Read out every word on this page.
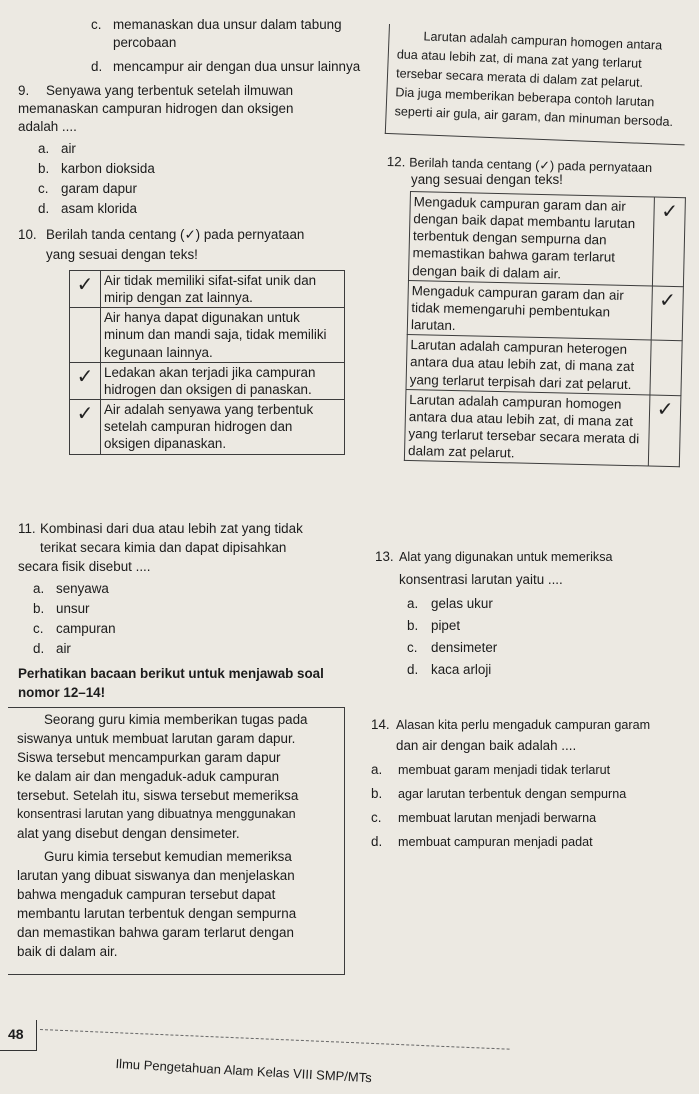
c. memanaskan dua unsur dalam tabung
percobaan
d. mencampur air dengan dua unsur lainnya
9. Senyawa yang terbentuk setelah ilmuwan
memanaskan campuran hidrogen dan oksigen
adalah ....
a. air
b. karbon dioksida
c. garam dapur
d. asam klorida
10. Berilah tanda centang (✓) pada pernyataan
yang sesuai dengan teks!
✓	Air tidak memiliki sifat-sifat unik dan mirip dengan zat lainnya.
	Air hanya dapat digunakan untuk minum dan mandi saja, tidak memiliki kegunaan lainnya.
✓	Ledakan akan terjadi jika campuran hidrogen dan oksigen di panaskan.
✓	Air adalah senyawa yang terbentuk setelah campuran hidrogen dan oksigen dipanaskan.
11. Kombinasi dari dua atau lebih zat yang tidak
terikat secara kimia dan dapat dipisahkan
secara fisik disebut ....
a. senyawa
b. unsur
c. campuran
d. air
Perhatikan bacaan berikut untuk menjawab soal
nomor 12–14!
Seorang guru kimia memberikan tugas pada
siswanya untuk membuat larutan garam dapur.
Siswa tersebut mencampurkan garam dapur
ke dalam air dan mengaduk-aduk campuran
tersebut. Setelah itu, siswa tersebut memeriksa
konsentrasi larutan yang dibuatnya menggunakan
alat yang disebut dengan densimeter.
Guru kimia tersebut kemudian memeriksa
larutan yang dibuat siswanya dan menjelaskan
bahwa mengaduk campuran tersebut dapat
membantu larutan terbentuk dengan sempurna
dan memastikan bahwa garam terlarut dengan
baik di dalam air.
Larutan adalah campuran homogen antara
dua atau lebih zat, di mana zat yang terlarut
tersebar secara merata di dalam zat pelarut.
Dia juga memberikan beberapa contoh larutan
seperti air gula, air garam, dan minuman bersoda.
12. Berilah tanda centang (✓) pada pernyataan
yang sesuai dengan teks!
Mengaduk campuran garam dan air dengan baik dapat membantu larutan terbentuk dengan sempurna dan memastikan bahwa garam terlarut dengan baik di dalam air.	✓
Mengaduk campuran garam dan air tidak memengaruhi pembentukan larutan.	✓
Larutan adalah campuran heterogen antara dua atau lebih zat, di mana zat yang terlarut terpisah dari zat pelarut.	
Larutan adalah campuran homogen antara dua atau lebih zat, di mana zat yang terlarut tersebar secara merata di dalam zat pelarut.	✓
13. Alat yang digunakan untuk memeriksa
konsentrasi larutan yaitu ....
a. gelas ukur
b. pipet
c. densimeter
d. kaca arloji
14. Alasan kita perlu mengaduk campuran garam
dan air dengan baik adalah ....
a. membuat garam menjadi tidak terlarut
b. agar larutan terbentuk dengan sempurna
c. membuat larutan menjadi berwarna
d. membuat campuran menjadi padat
48
Ilmu Pengetahuan Alam Kelas VIII SMP/MTs
